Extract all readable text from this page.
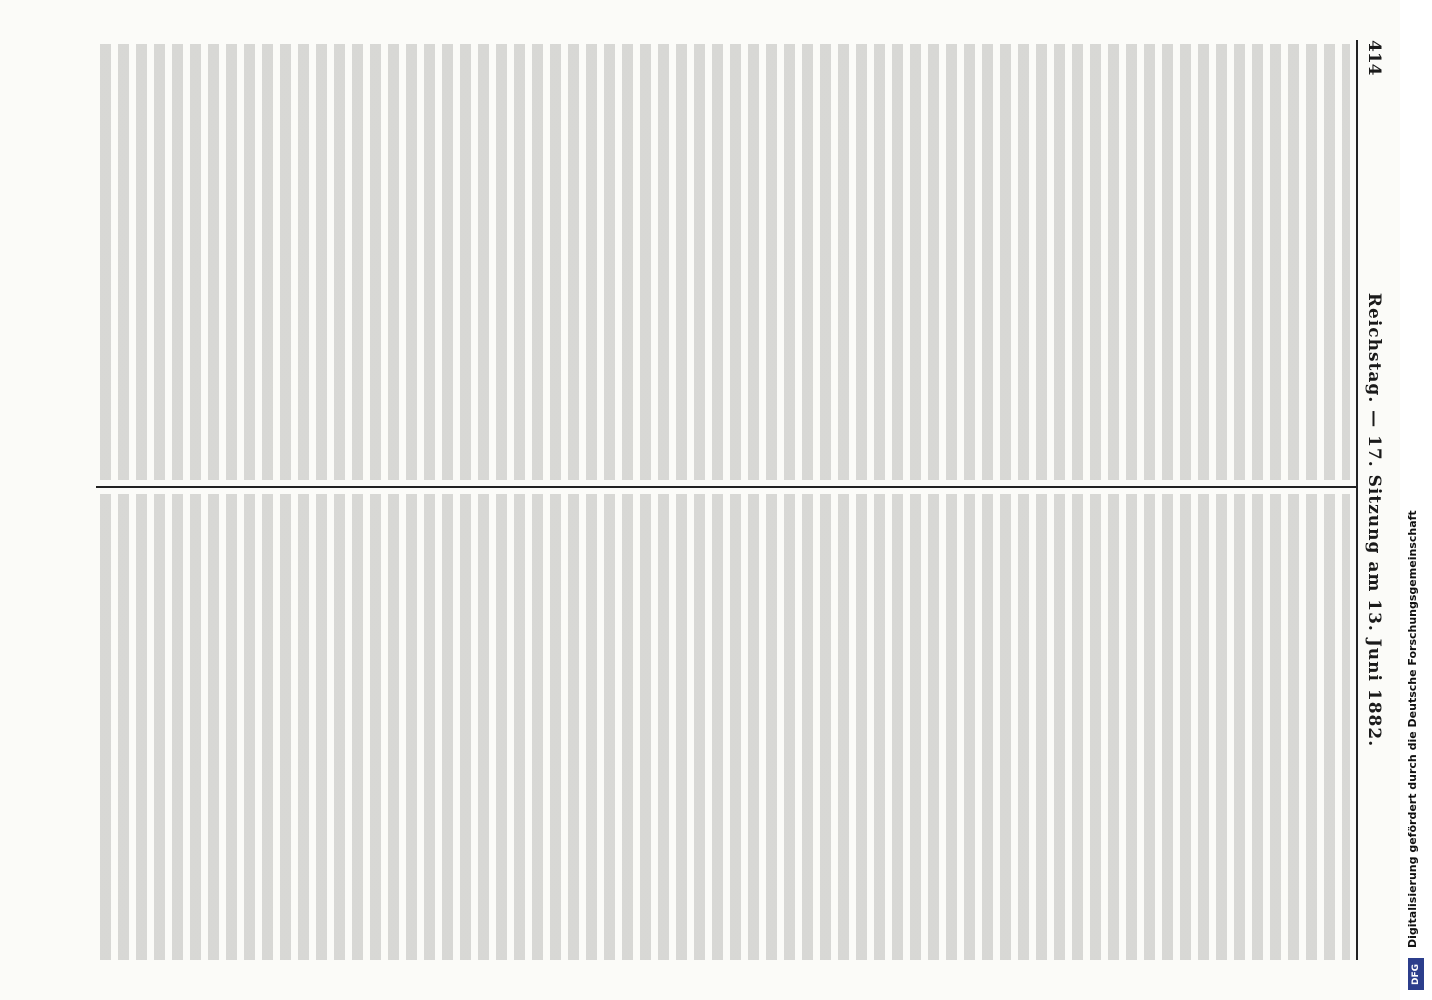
414
Reichstag. — 17. Sitzung am 13. Juni 1882. Digitalisierung gefördert durch die Deutsche Forschungsgemeinschaft
DFG
